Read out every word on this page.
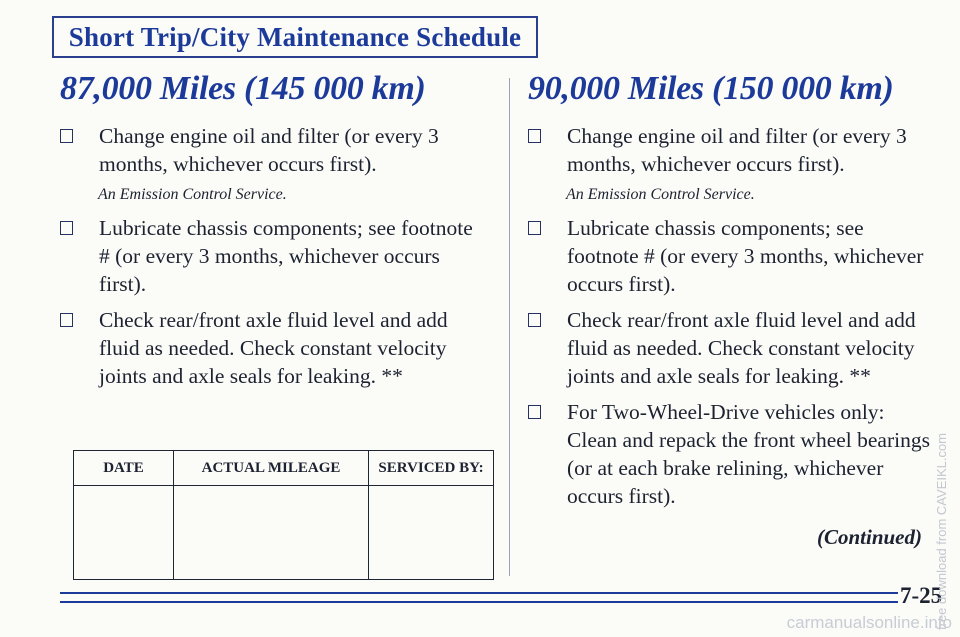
Short Trip/City Maintenance Schedule
87,000 Miles (145 000 km)
Change engine oil and filter (or every 3 months, whichever occurs first).
An Emission Control Service.
Lubricate chassis components; see footnote # (or every 3 months, whichever occurs first).
Check rear/front axle fluid level and add fluid as needed. Check constant velocity joints and axle seals for leaking. **
90,000 Miles (150 000 km)
Change engine oil and filter (or every 3 months, whichever occurs first).
An Emission Control Service.
Lubricate chassis components; see footnote # (or every 3 months, whichever occurs first).
Check rear/front axle fluid level and add fluid as needed. Check constant velocity joints and axle seals for leaking. **
For Two-Wheel-Drive vehicles only: Clean and repack the front wheel bearings (or at each brake relining, whichever occurs first).
(Continued)
DATE	ACTUAL MILEAGE	SERVICED BY:

7-25
free download from CAVEIKL.com
carmanualsonline.info
